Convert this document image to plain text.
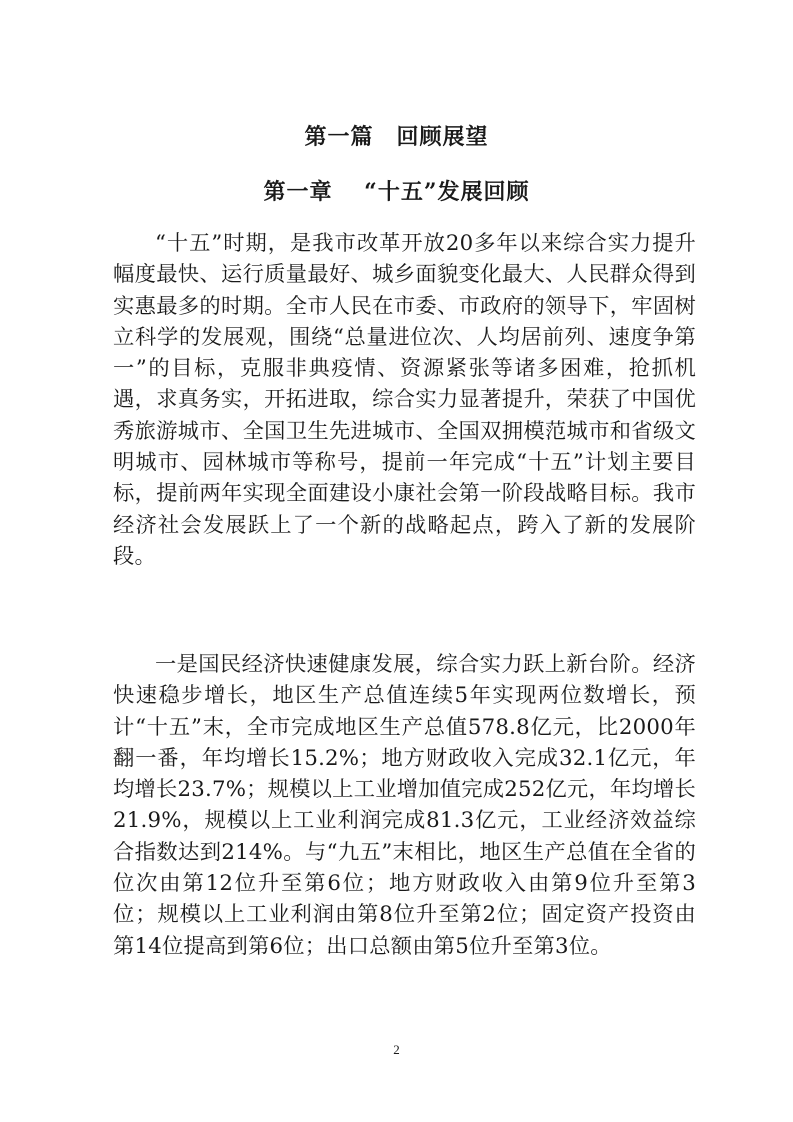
第一篇　回顾展望
第一章　 “十五”发展回顾

“十五”时期，是我市改革开放20多年以来综合实力提升幅度最快、运行质量最好、城乡面貌变化最大、人民群众得到实惠最多的时期。全市人民在市委、市政府的领导下，牢固树立科学的发展观，围绕“总量进位次、人均居前列、速度争第一”的目标，克服非典疫情、资源紧张等诸多困难，抢抓机遇，求真务实，开拓进取，综合实力显著提升，荣获了中国优秀旅游城市、全国卫生先进城市、全国双拥模范城市和省级文明城市、园林城市等称号，提前一年完成“十五”计划主要目标，提前两年实现全面建设小康社会第一阶段战略目标。我市经济社会发展跃上了一个新的战略起点，跨入了新的发展阶段。

一是国民经济快速健康发展，综合实力跃上新台阶。经济快速稳步增长，地区生产总值连续5年实现两位数增长，预计“十五”末，全市完成地区生产总值578.8亿元，比2000年翻一番，年均增长15.2%；地方财政收入完成32.1亿元，年均增长23.7%；规模以上工业增加值完成252亿元，年均增长21.9%，规模以上工业利润完成81.3亿元，工业经济效益综合指数达到214%。与“九五”末相比，地区生产总值在全省的位次由第12位升至第6位；地方财政收入由第9位升至第3位；规模以上工业利润由第8位升至第2位；固定资产投资由第14位提高到第6位；出口总额由第5位升至第3位。

2
